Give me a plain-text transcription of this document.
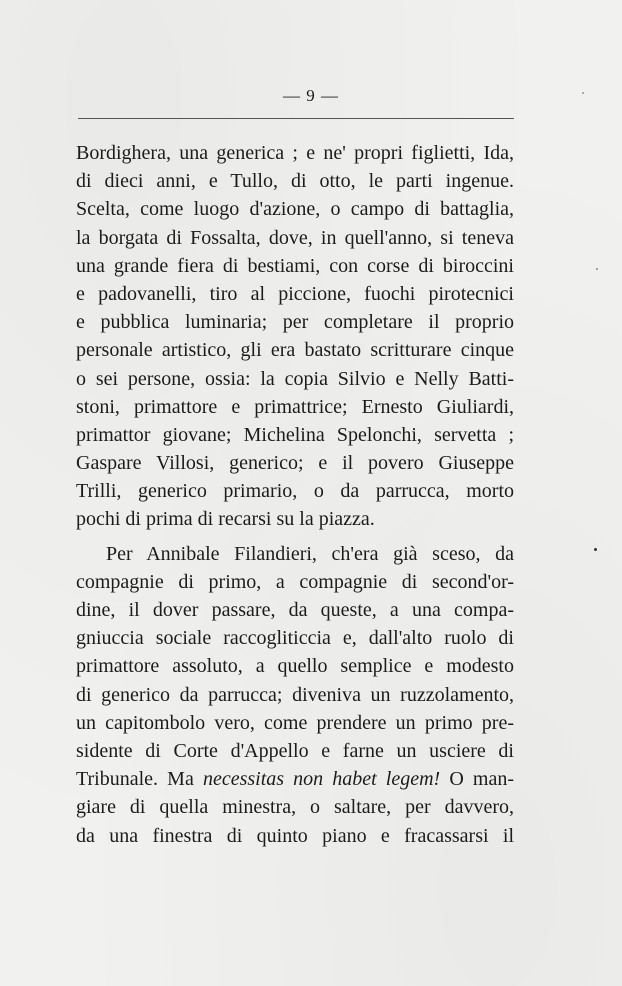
— 9 —
Bordighera, una generica ; e ne' propri figlietti, Ida,
di dieci anni, e Tullo, di otto, le parti ingenue.
Scelta, come luogo d'azione, o campo di battaglia,
la borgata di Fossalta, dove, in quell'anno, si teneva
una grande fiera di bestiami, con corse di biroccini
e padovanelli, tiro al piccione, fuochi pirotecnici
e pubblica luminaria; per completare il proprio
personale artistico, gli era bastato scritturare cinque
o sei persone, ossia: la copia Silvio e Nelly Batti-
stoni, primattore e primattrice; Ernesto Giuliardi,
primattor giovane; Michelina Spelonchi, servetta ;
Gaspare Villosi, generico; e il povero Giuseppe
Trilli, generico primario, o da parrucca, morto
pochi di prima di recarsi su la piazza.
Per Annibale Filandieri, ch'era già sceso, da
compagnie di primo, a compagnie di second'or-
dine, il dover passare, da queste, a una compa-
gniuccia sociale raccogliticcia e, dall'alto ruolo di
primattore assoluto, a quello semplice e modesto
di generico da parrucca; diveniva un ruzzolamento,
un capitombolo vero, come prendere un primo pre-
sidente di Corte d'Appello e farne un usciere di
Tribunale. Ma necessitas non habet legem! O man-
giare di quella minestra, o saltare, per davvero,
da una finestra di quinto piano e fracassarsi il
